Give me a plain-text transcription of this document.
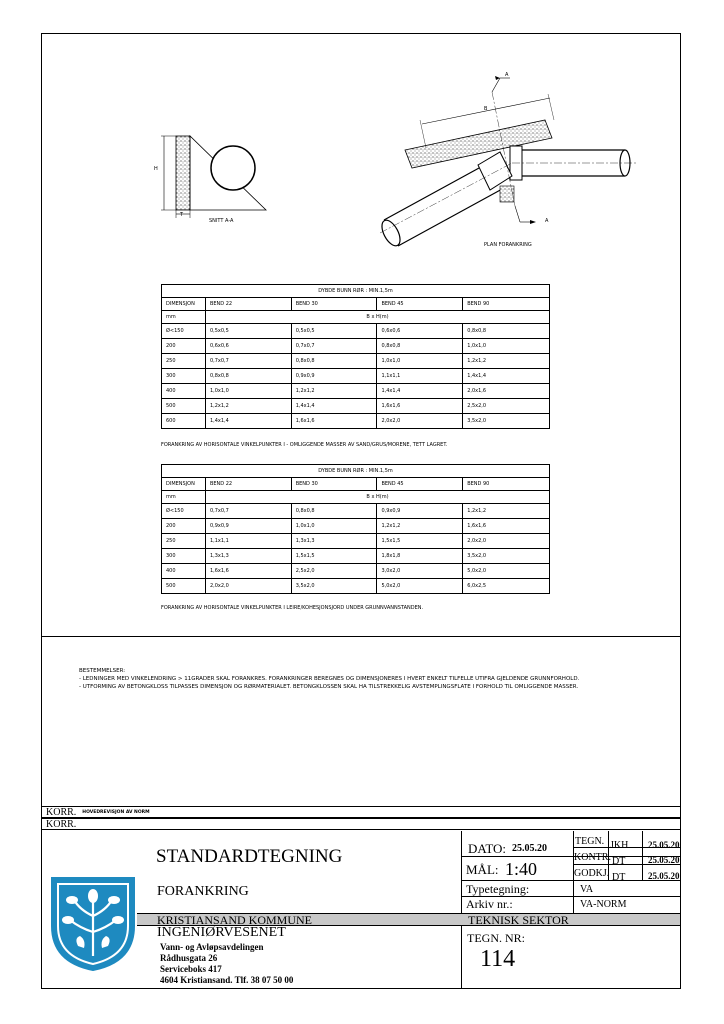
SNITT A-A
H
T
B
A
A
PLAN FORANKRING
DYBDE BUNN RØR : MIN.1,5m				
DIMENSJON	BEND 22	BEND 30	BEND 45	BEND 90
mm	B x H(m)			
Ø<150	0,5x0,5	0,5x0,5	0,6x0,6	0,8x0,8
200	0,6x0,6	0,7x0,7	0,8x0,8	1,0x1,0
250	0,7x0,7	0,8x0,8	1,0x1,0	1,2x1,2
300	0,8x0,8	0,9x0,9	1,1x1,1	1,4x1,4
400	1,0x1,0	1,2x1,2	1,4x1,4	2,0x1,6
500	1,2x1,2	1,4x1,4	1,6x1,6	2,5x2,0
600	1,4x1,4	1,6x1,6	2,0x2,0	3,5x2,0
FORANKRING AV HORISONTALE VINKELPUNKTER I - OMLIGGENDE MASSER AV SAND/GRUS/MORENE, TETT LAGRET.
DYBDE BUNN RØR : MIN.1,5m				
DIMENSJON	BEND 22	BEND 30	BEND 45	BEND 90
mm	B x H(m)			
Ø<150	0,7x0,7	0,8x0,8	0,9x0,9	1,2x1,2
200	0,9x0,9	1,0x1,0	1,2x1,2	1,6x1,6
250	1,1x1,1	1,3x1,3	1,5x1,5	2,0x2,0
300	1,3x1,3	1,5x1,5	1,8x1,8	3,5x2,0
400	1,6x1,6	2,5x2,0	3,0x2,0	5,0x2,0
500	2,0x2,0	3,5x2,0	5,0x2,0	6,0x2,5
FORANKRING AV HORISONTALE VINKELPUNKTER I LEIRE/KOHESJONSJORD UNDER GRUNNVANNSTANDEN.
BESTEMMELSER:
- LEDNINGER MED VINKELENDRING > 11GRADER SKAL FORANKRES. FORANKRINGER BEREGNES OG DIMENSJONERES I HVERT ENKELT TILFELLE UTIFRA GJELDENDE GRUNNFORHOLD.
- UTFORMING AV BETONGKLOSS TILPASSES DIMENSJON OG RØRMATERIALET. BETONGKLOSSEN SKAL HA TILSTREKKELIG AVSTEMPLINGSFLATE I FORHOLD TIL OMLIGGENDE MASSER.
KORR. HOVEDREVISJON AV NORM
KORR.
STANDARDTEGNING
FORANKRING
KRISTIANSAND KOMMUNE
INGENIØRVESENET
Vann- og Avløpsavdelingen
Rådhusgata 26
Serviceboks 417
4604 Kristiansand. Tlf. 38 07 50 00
DATO: 25.05.20
MÅL: 1:40
TEGN. JKH 25.05.20
KONTR. DT	25.05.20
GODKJ. DT	25.05.20
Typetegning:	VA
Arkiv nr.:	VA-NORM
TEKNISK SEKTOR
TEGN. NR:
114
